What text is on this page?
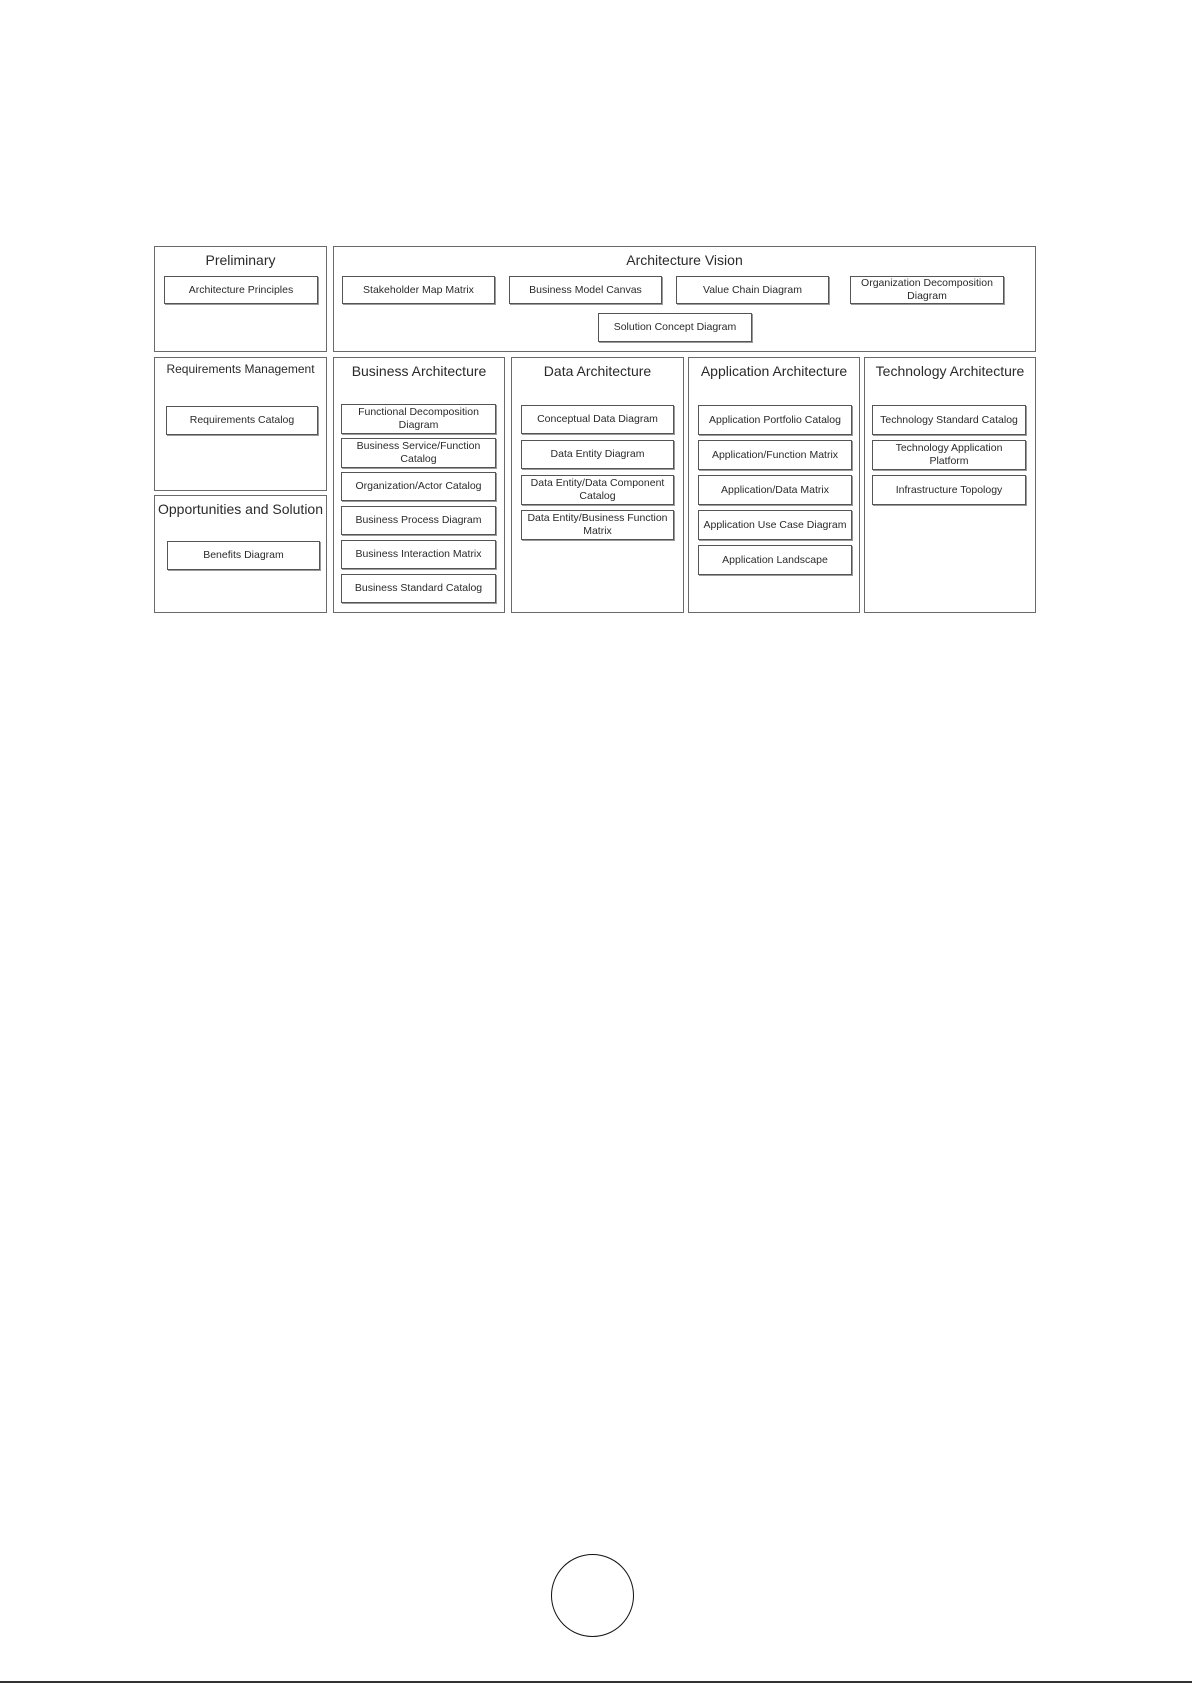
Preliminary
Architecture Principles
Architecture Vision
Stakeholder Map Matrix	Business Model Canvas	Value Chain Diagram
Organization Decomposition Diagram
Solution Concept Diagram
Requirements Management
Requirements Catalog
Opportunities and Solution
Benefits Diagram
Business Architecture
Functional Decomposition Diagram
Business Service/Function Catalog
Organization/Actor Catalog
Business Process Diagram
Business Interaction Matrix
Business Standard Catalog
Data Architecture
Conceptual Data Diagram
Data Entity Diagram
Data Entity/Data Component Catalog
Data Entity/Business Function Matrix
Application Architecture
Application Portfolio Catalog
Application/Function Matrix
Application/Data Matrix
Application Use Case Diagram
Application Landscape
Technology Architecture
Technology Standard Catalog
Technology Application Platform
Infrastructure Topology
